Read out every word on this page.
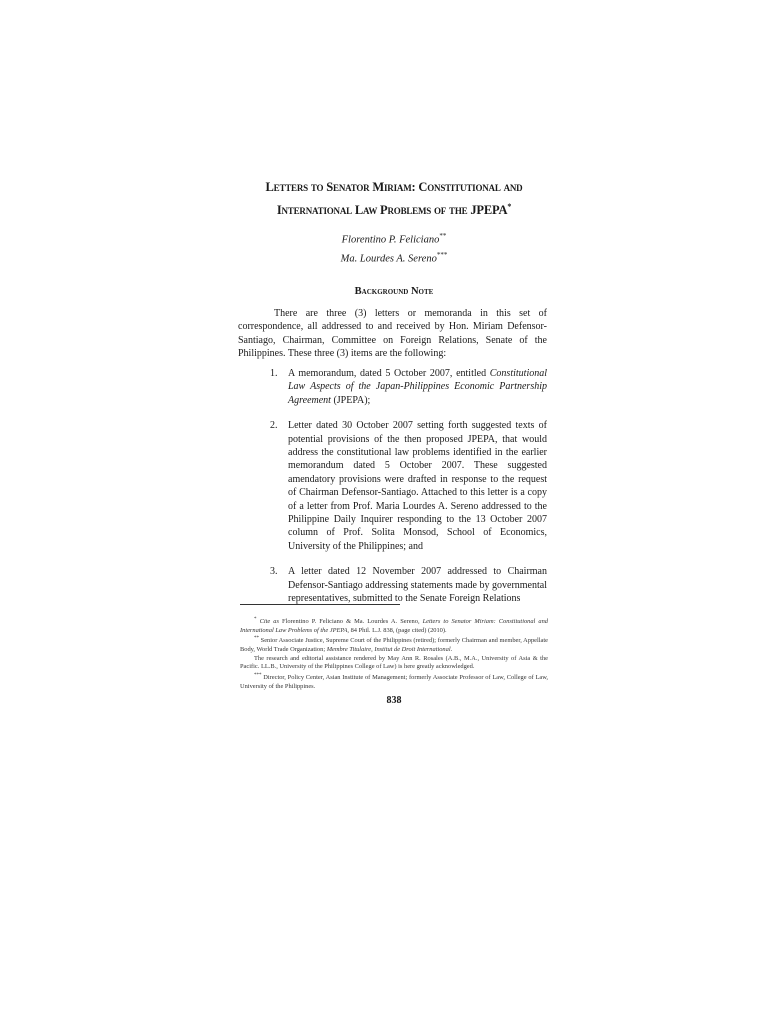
Letters to Senator Miriam: Constitutional and
International Law Problems of the JPEPA*
Florentino P. Feliciano**
Ma. Lourdes A. Sereno***
Background Note
There are three (3) letters or memoranda in this set of correspondence, all addressed to and received by Hon. Miriam Defensor-Santiago, Chairman, Committee on Foreign Relations, Senate of the Philippines. These three (3) items are the following:
1. A memorandum, dated 5 October 2007, entitled Constitutional Law Aspects of the Japan-Philippines Economic Partnership Agreement (JPEPA);
2. Letter dated 30 October 2007 setting forth suggested texts of potential provisions of the then proposed JPEPA, that would address the constitutional law problems identified in the earlier memorandum dated 5 October 2007. These suggested amendatory provisions were drafted in response to the request of Chairman Defensor-Santiago. Attached to this letter is a copy of a letter from Prof. Maria Lourdes A. Sereno addressed to the Philippine Daily Inquirer responding to the 13 October 2007 column of Prof. Solita Monsod, School of Economics, University of the Philippines; and
3. A letter dated 12 November 2007 addressed to Chairman Defensor-Santiago addressing statements made by governmental representatives, submitted to the Senate Foreign Relations

* Cite as Florentino P. Feliciano & Ma. Lourdes A. Sereno, Letters to Senator Miriam: Constitutional and International Law Problems of the JPEPA, 84 Phil. L.J. 838, (page cited) (2010).

** Senior Associate Justice, Supreme Court of the Philippines (retired); formerly Chairman and member, Appellate Body, World Trade Organization; Membre Titulaire, Institut de Droit International.

The research and editorial assistance rendered by May Ann R. Rosales (A.B., M.A., University of Asia & the Pacific. LL.B., University of the Philippines College of Law) is here greatly acknowledged.

*** Director, Policy Center, Asian Institute of Management; formerly Associate Professor of Law, College of Law, University of the Philippines.

838
